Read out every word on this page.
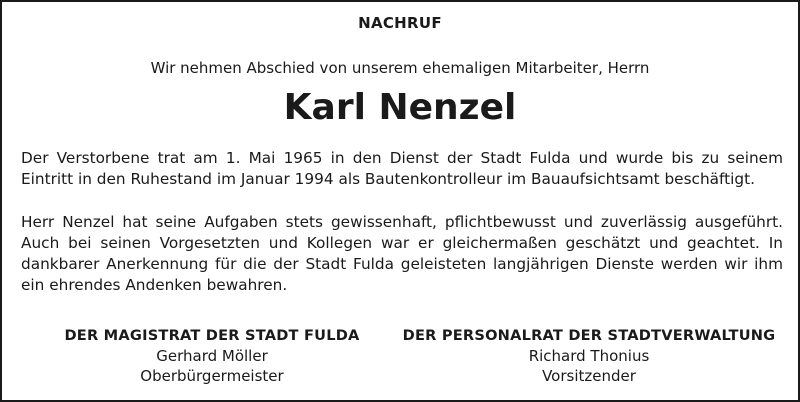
NACHRUF
Wir nehmen Abschied von unserem ehemaligen Mitarbeiter, Herrn
Karl Nenzel
Der Verstorbene trat am 1. Mai 1965 in den Dienst der Stadt Fulda und wurde bis zu seinem Eintritt in den Ruhestand im Januar 1994 als Bautenkontrolleur im Bauaufsichtsamt beschäftigt.
Herr Nenzel hat seine Aufgaben stets gewissenhaft, pflichtbewusst und zuverlässig ausgeführt. Auch bei seinen Vorgesetzten und Kollegen war er gleichermaßen geschätzt und geachtet. In dankbarer Anerkennung für die der Stadt Fulda geleisteten langjährigen Dienste werden wir ihm ein ehrendes Andenken bewahren.
DER MAGISTRAT DER STADT FULDA
Gerhard Möller
Oberbürgermeister
DER PERSONALRAT DER STADTVERWALTUNG
Richard Thonius
Vorsitzender
